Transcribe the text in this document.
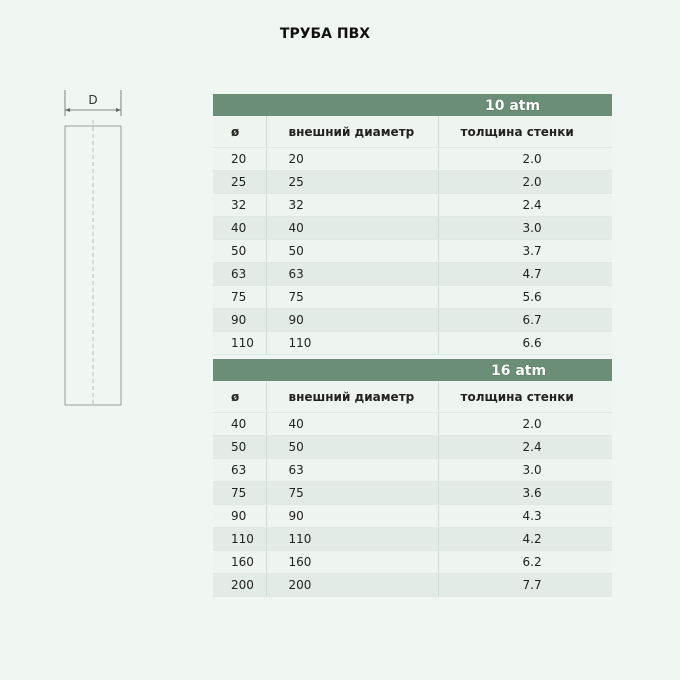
ТРУБА ПВХ
D	10 atm
ø	внешний диаметр	толщина стенки
20	20	2.0
25	25	2.0
32	32	2.4
40	40	3.0
50	50	3.7
63	63	4.7
75	75	5.6
90	90	6.7
110	110	6.6
16 atm
ø	внешний диаметр	толщина стенки
40	40	2.0
50	50	2.4
63	63	3.0
75	75	3.6
90	90	4.3
110	110	4.2
160	160	6.2
200	200	7.7
